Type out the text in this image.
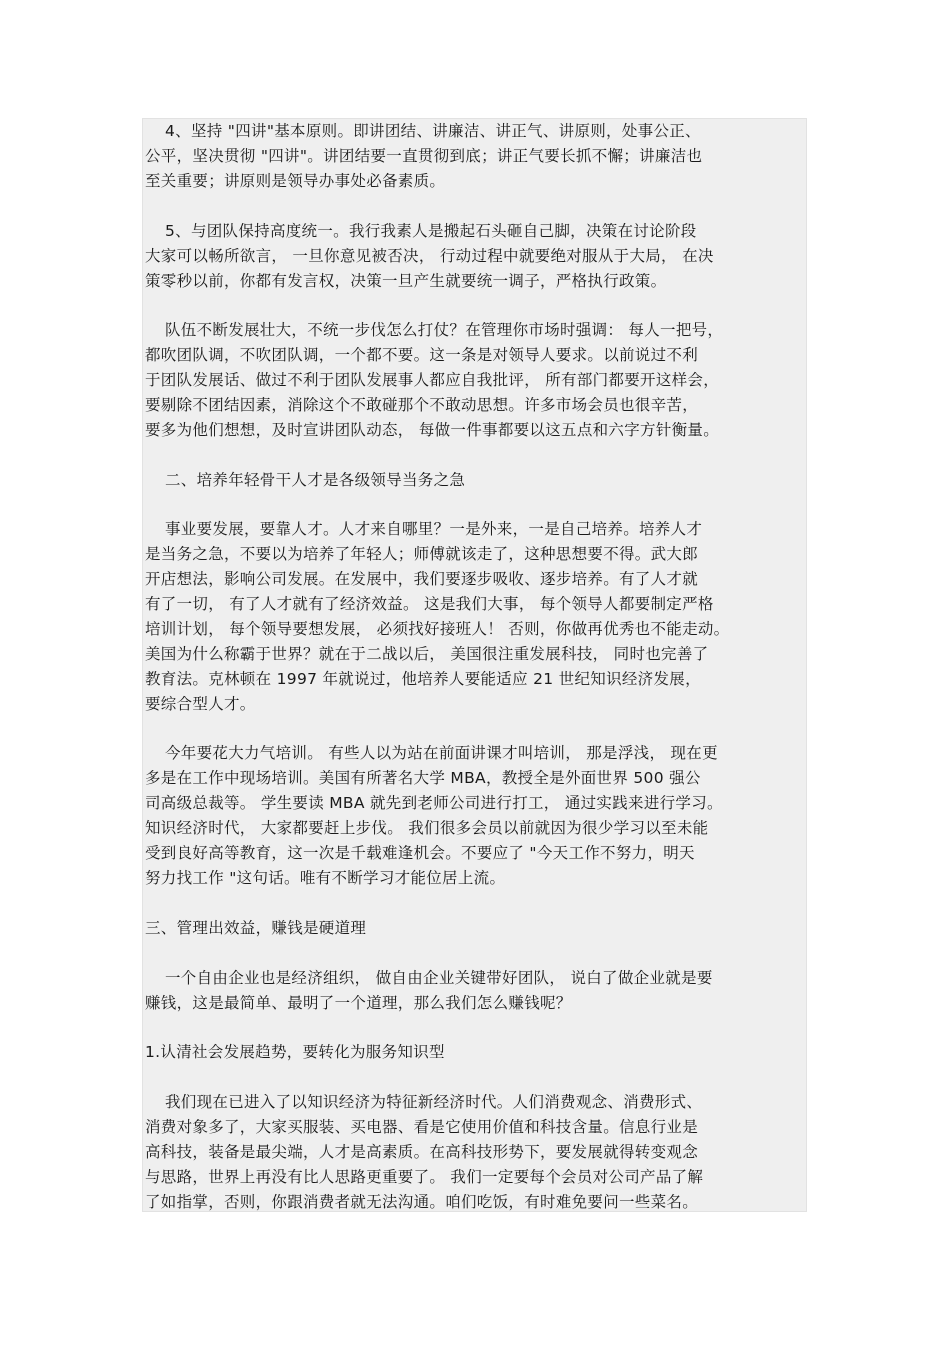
4、坚持 "四讲"基本原则。即讲团结、讲廉洁、讲正气、讲原则，处事公正、
公平，坚决贯彻 "四讲"。讲团结要一直贯彻到底；讲正气要长抓不懈；讲廉洁也
至关重要；讲原则是领导办事处必备素质。
5、与团队保持高度统一。我行我素人是搬起石头砸自己脚，决策在讨论阶段
大家可以畅所欲言， 一旦你意见被否决， 行动过程中就要绝对服从于大局， 在决
策零秒以前，你都有发言权，决策一旦产生就要统一调子，严格执行政策。
队伍不断发展壮大，不统一步伐怎么打仗？在管理你市场时强调： 每人一把号，
都吹团队调，不吹团队调，一个都不要。这一条是对领导人要求。以前说过不利
于团队发展话、做过不利于团队发展事人都应自我批评， 所有部门都要开这样会，
要剔除不团结因素，消除这个不敢碰那个不敢动思想。许多市场会员也很辛苦，
要多为他们想想，及时宣讲团队动态， 每做一件事都要以这五点和六字方针衡量。
二、培养年轻骨干人才是各级领导当务之急
事业要发展，要靠人才。人才来自哪里？一是外来，一是自己培养。培养人才
是当务之急，不要以为培养了年轻人；师傅就该走了，这种思想要不得。武大郎
开店想法，影响公司发展。在发展中，我们要逐步吸收、逐步培养。有了人才就
有了一切， 有了人才就有了经济效益。 这是我们大事， 每个领导人都要制定严格
培训计划， 每个领导要想发展， 必须找好接班人！ 否则，你做再优秀也不能走动。
美国为什么称霸于世界？就在于二战以后， 美国很注重发展科技， 同时也完善了
教育法。克林顿在 1997 年就说过，他培养人要能适应 21 世纪知识经济发展，
要综合型人才。
今年要花大力气培训。 有些人以为站在前面讲课才叫培训， 那是浮浅， 现在更
多是在工作中现场培训。美国有所著名大学 MBA，教授全是外面世界 500 强公
司高级总裁等。 学生要读 MBA 就先到老师公司进行打工， 通过实践来进行学习。
知识经济时代， 大家都要赶上步伐。 我们很多会员以前就因为很少学习以至未能
受到良好高等教育，这一次是千载难逢机会。不要应了 "今天工作不努力，明天
努力找工作 "这句话。唯有不断学习才能位居上流。
三、管理出效益，赚钱是硬道理
一个自由企业也是经济组织， 做自由企业关键带好团队， 说白了做企业就是要
赚钱，这是最简单、最明了一个道理，那么我们怎么赚钱呢？
1.认清社会发展趋势，要转化为服务知识型
我们现在已进入了以知识经济为特征新经济时代。人们消费观念、消费形式、
消费对象多了，大家买服装、买电器、看是它使用价值和科技含量。信息行业是
高科技，装备是最尖端，人才是高素质。在高科技形势下，要发展就得转变观念
与思路，世界上再没有比人思路更重要了。 我们一定要每个会员对公司产品了解
了如指掌，否则，你跟消费者就无法沟通。咱们吃饭，有时难免要问一些菜名。
